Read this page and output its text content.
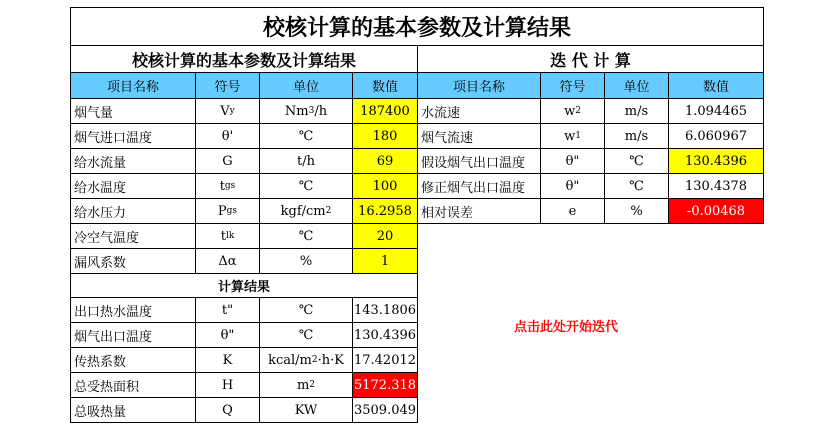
校核计算的基本参数及计算结果
校核计算的基本参数及计算结果	迭 代 计 算
项目名称	符号	单位	数值	项目名称	符号	单位	数值
烟气量	V y	Nm 3 /h	187400
烟气进口温度	θ'	℃	180
给水流量	G	t/h	69
给水温度	t gs	℃	100
给水压力	P gs	kgf/cm 2	16.2958
冷空气温度	t lk	℃	20
漏风系数	Δα	%	1
计算结果
出口热水温度	t"	℃	143.1806
烟气出口温度	θ"	℃	130.4396
传热系数	K	kcal/m 2 ·h·K 17.42012
总受热面积	H	m 2	5172.318
总吸热量	Q	KW	3509.049
水流速	w 2	m/s	1.094465
烟气流速	w 1	m/s	6.060967
假设烟气出口温度	θ"	℃	130.4396
修正烟气出口温度	θ"	℃	130.4378
相对误差	e	%	-0.00468
点击此处开始迭代
